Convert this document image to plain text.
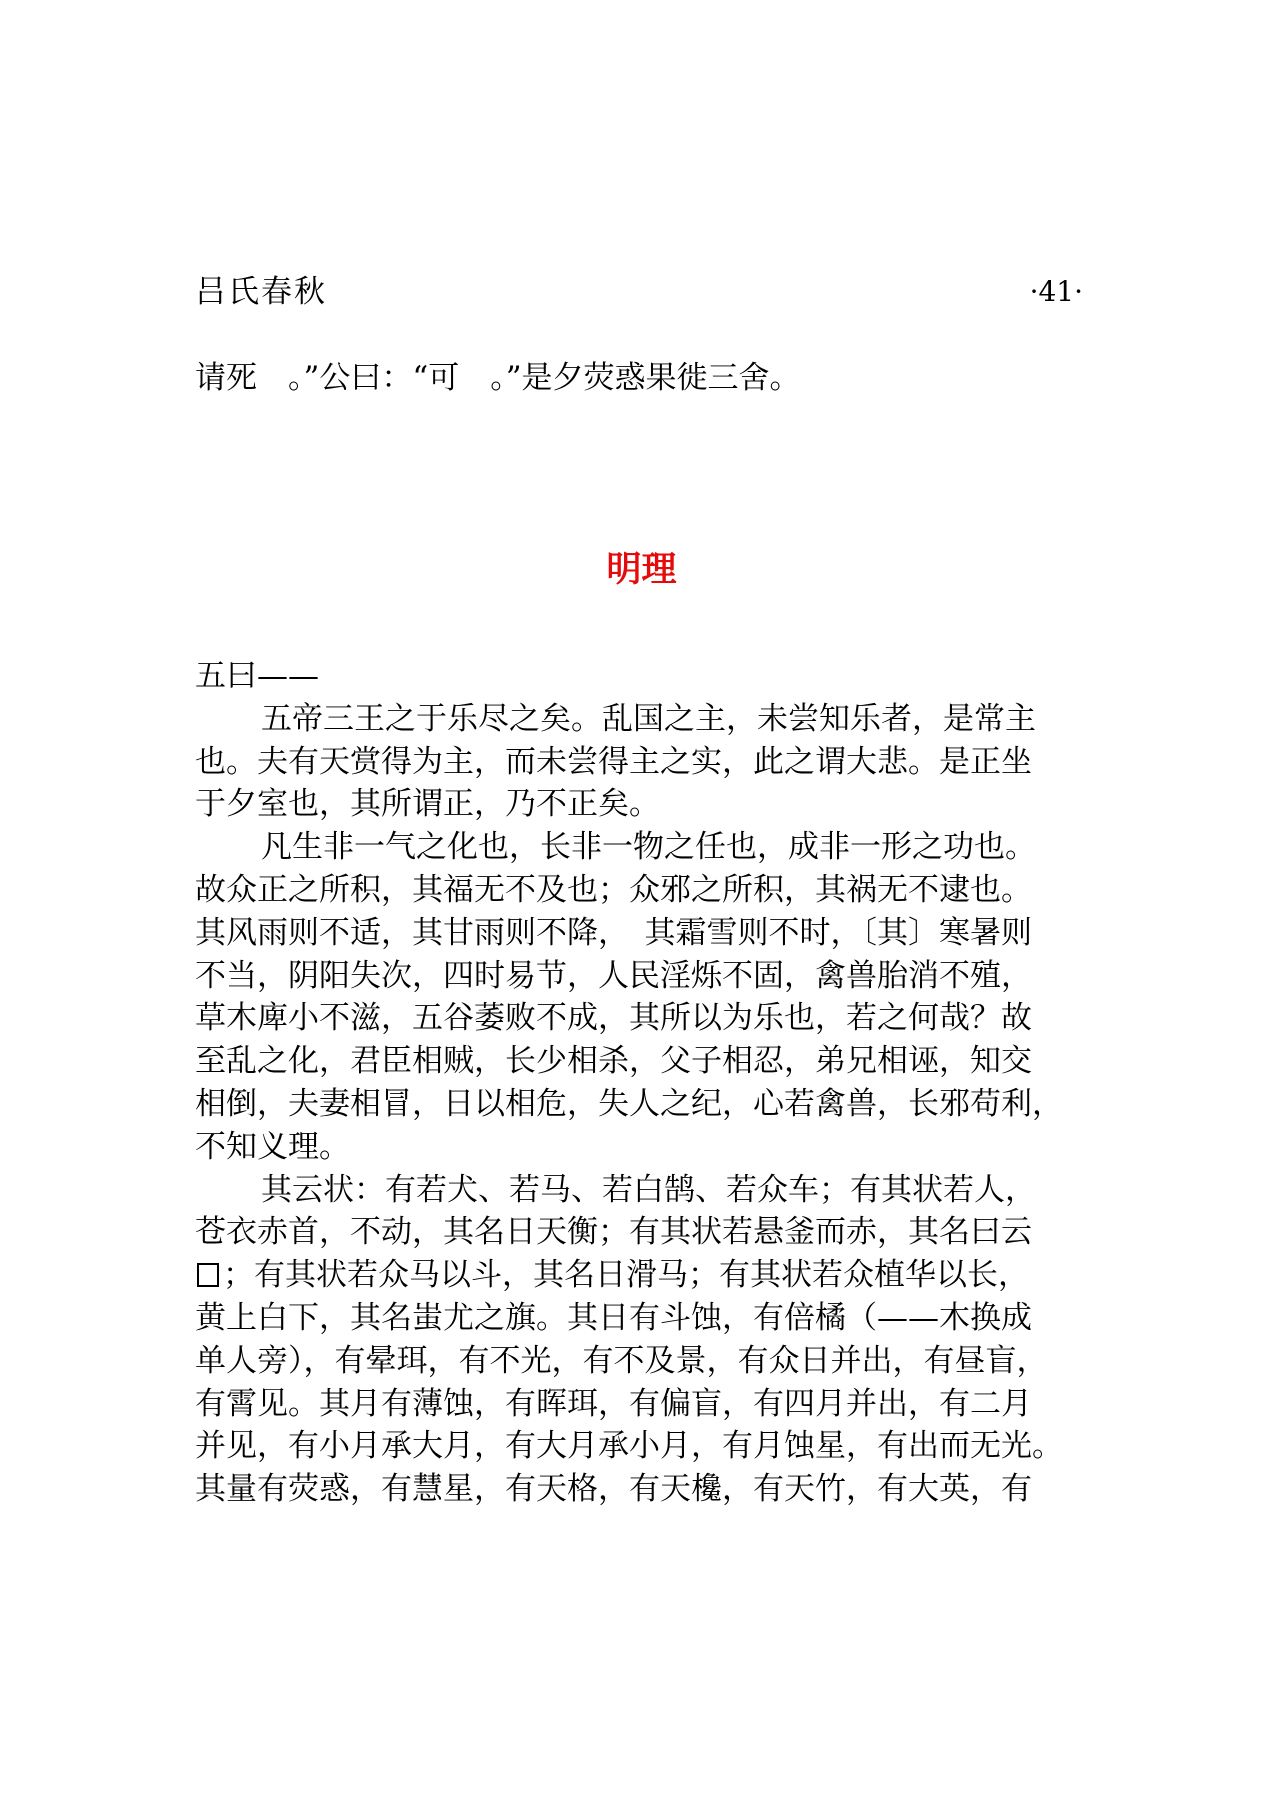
吕氏春秋	·41·
请死　。”公曰：“可　。”是夕荧惑果徙三舍。
明理
五曰——
五帝三王之于乐尽之矣。乱国之主，未尝知乐者，是常主
也。夫有天赏得为主，而未尝得主之实，此之谓大悲。是正坐
于夕室也，其所谓正，乃不正矣。
凡生非一气之化也，长非一物之任也，成非一形之功也。
故众正之所积，其福无不及也；众邪之所积，其祸无不逮也。
其风雨则不适，其甘雨则不降，　其霜雪则不时，〔其〕寒暑则
不当，阴阳失次，四时易节，人民淫烁不固，禽兽胎消不殖，
草木庳小不滋，五谷萎败不成，其所以为乐也，若之何哉？故
至乱之化，君臣相贼，长少相杀，父子相忍，弟兄相诬，知交
相倒，夫妻相冒，日以相危，失人之纪，心若禽兽，长邪苟利，
不知义理。
其云状：有若犬、若马、若白鹄、若众车；有其状若人，
苍衣赤首，不动，其名日天衡；有其状若悬釜而赤，其名曰云
；有其状若众马以斗，其名日滑马；有其状若众植华以长，
黄上白下，其名蚩尤之旗。其日有斗蚀，有倍橘（——木换成
单人旁），有晕珥，有不光，有不及景，有众日并出，有昼盲，
有霄见。其月有薄蚀，有晖珥，有偏盲，有四月并出，有二月
并见，有小月承大月，有大月承小月，有月蚀星，有出而无光。
其量有荧惑，有慧星，有天格，有天欃，有天竹，有大英，有
